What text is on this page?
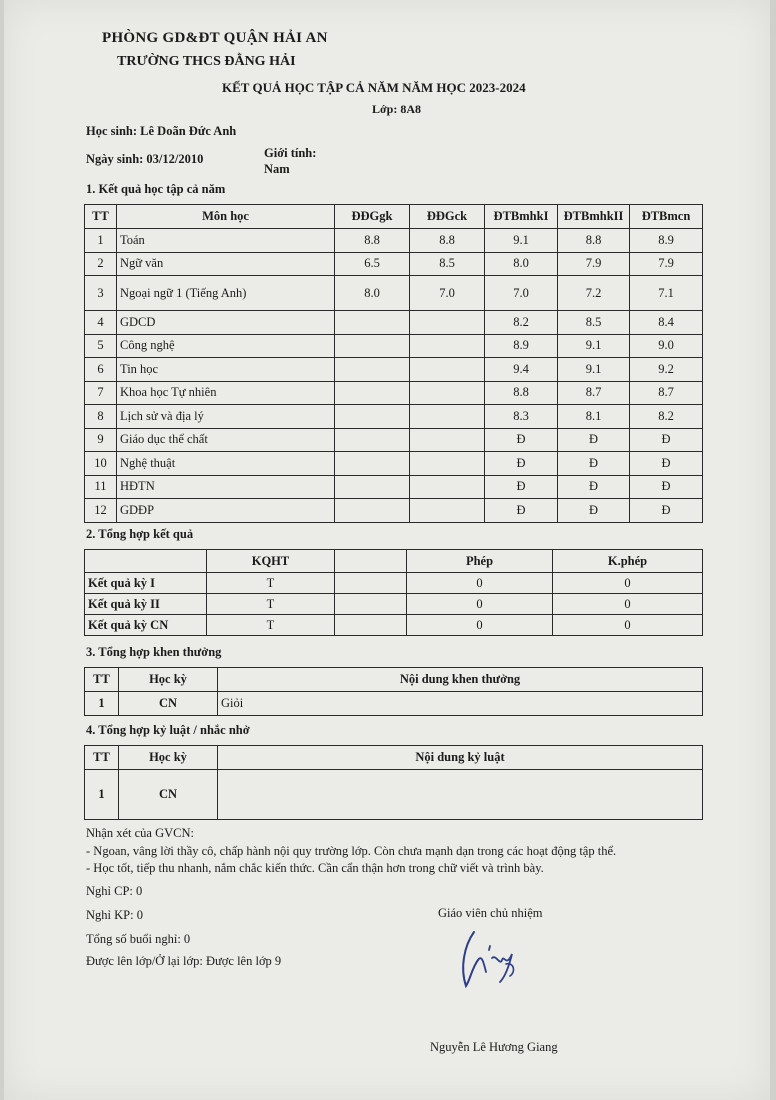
PHÒNG GD&ĐT QUẬN HẢI AN
TRƯỜNG THCS ĐẰNG HẢI
KẾT QUẢ HỌC TẬP CẢ NĂM NĂM HỌC 2023-2024
Lớp: 8A8
Học sinh: Lê Doãn Đức Anh
Ngày sinh: 03/12/2010	Giới tính:
Nam
1. Kết quả học tập cả năm
TT	Môn học	ĐĐGgk	ĐĐGck	ĐTBmhkI	ĐTBmhkII	ĐTBmcn
1	Toán	8.8	8.8	9.1	8.8	8.9
2	Ngữ văn	6.5	8.5	8.0	7.9	7.9
3	Ngoại ngữ 1 (Tiếng Anh)	8.0	7.0	7.0	7.2	7.1
4	GDCD			8.2	8.5	8.4
5	Công nghệ			8.9	9.1	9.0
6	Tin học			9.4	9.1	9.2
7	Khoa học Tự nhiên			8.8	8.7	8.7
8	Lịch sử và địa lý			8.3	8.1	8.2
9	Giáo dục thể chất			Đ	Đ	Đ
10	Nghệ thuật			Đ	Đ	Đ
11	HĐTN			Đ	Đ	Đ
12	GDĐP			Đ	Đ	Đ
2. Tổng hợp kết quả
	KQHT		Phép	K.phép
Kết quả kỳ I	T		0	0
Kết quả kỳ II	T		0	0
Kết quả kỳ CN	T		0	0
3. Tổng hợp khen thưởng
TT	Học kỳ	Nội dung khen thưởng
1	CN	Giỏi
4. Tổng hợp kỷ luật / nhắc nhở
TT	Học kỳ	Nội dung kỷ luật
1	CN	
Nhận xét của GVCN:
- Ngoan, vâng lời thầy cô, chấp hành nội quy trường lớp. Còn chưa mạnh dạn trong các hoạt động tập thể.
- Học tốt, tiếp thu nhanh, nắm chắc kiến thức. Cần cẩn thận hơn trong chữ viết và trình bày.
Nghỉ CP: 0
Nghỉ KP: 0
Tổng số buổi nghỉ: 0
Được lên lớp/Ở lại lớp: Được lên lớp 9
Giáo viên chủ nhiệm
Nguyễn Lê Hương Giang
